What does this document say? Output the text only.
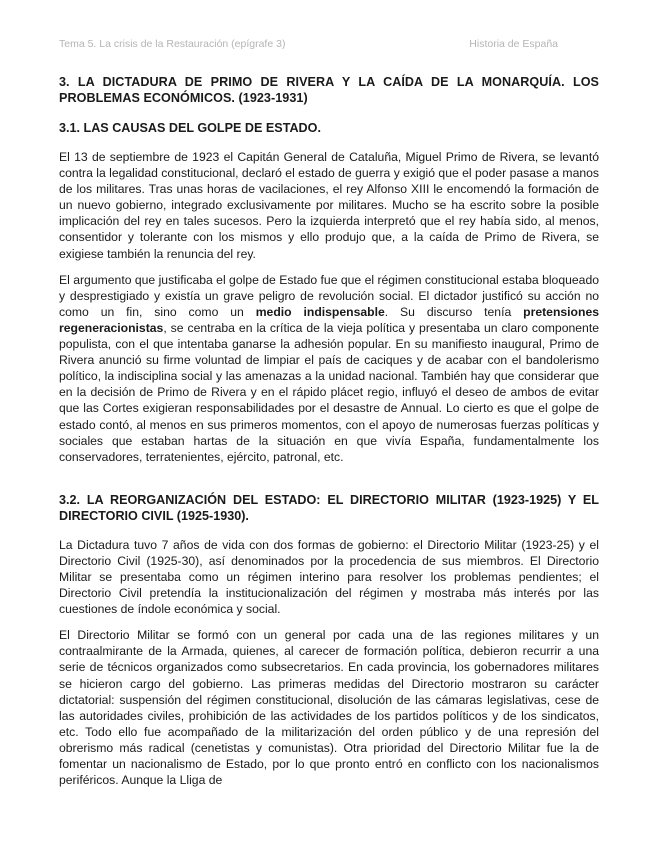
Tema 5. La crisis de la Restauración (epígrafe 3)	Historia de España
3. LA DICTADURA DE PRIMO DE RIVERA Y LA CAÍDA DE LA MONARQUÍA. LOS PROBLEMAS ECONÓMICOS. (1923-1931)
3.1. LAS CAUSAS DEL GOLPE DE ESTADO.

El 13 de septiembre de 1923 el Capitán General de Cataluña, Miguel Primo de Rivera, se levantó contra la legalidad constitucional, declaró el estado de guerra y exigió que el poder pasase a manos de los militares. Tras unas horas de vacilaciones, el rey Alfonso XIII le encomendó la formación de un nuevo gobierno, integrado exclusivamente por militares. Mucho se ha escrito sobre la posible implicación del rey en tales sucesos. Pero la izquierda interpretó que el rey había sido, al menos, consentidor y tolerante con los mismos y ello produjo que, a la caída de Primo de Rivera, se exigiese también la renuncia del rey.

El argumento que justificaba el golpe de Estado fue que el régimen constitucional estaba bloqueado y desprestigiado y existía un grave peligro de revolución social. El dictador justificó su acción no como un fin, sino como un medio indispensable. Su discurso tenía pretensiones regeneracionistas, se centraba en la crítica de la vieja política y presentaba un claro componente populista, con el que intentaba ganarse la adhesión popular. En su manifiesto inaugural, Primo de Rivera anunció su firme voluntad de limpiar el país de caciques y de acabar con el bandolerismo político, la indisciplina social y las amenazas a la unidad nacional. También hay que considerar que en la decisión de Primo de Rivera y en el rápido plácet regio, influyó el deseo de ambos de evitar que las Cortes exigieran responsabilidades por el desastre de Annual. Lo cierto es que el golpe de estado contó, al menos en sus primeros momentos, con el apoyo de numerosas fuerzas políticas y sociales que estaban hartas de la situación en que vivía España, fundamentalmente los conservadores, terratenientes, ejército, patronal, etc.

3.2. LA REORGANIZACIÓN DEL ESTADO: EL DIRECTORIO MILITAR (1923-1925) Y EL DIRECTORIO CIVIL (1925-1930).

La Dictadura tuvo 7 años de vida con dos formas de gobierno: el Directorio Militar (1923-25) y el Directorio Civil (1925-30), así denominados por la procedencia de sus miembros. El Directorio Militar se presentaba como un régimen interino para resolver los problemas pendientes; el Directorio Civil pretendía la institucionalización del régimen y mostraba más interés por las cuestiones de índole económica y social.

El Directorio Militar se formó con un general por cada una de las regiones militares y un contraalmirante de la Armada, quienes, al carecer de formación política, debieron recurrir a una serie de técnicos organizados como subsecretarios. En cada provincia, los gobernadores militares se hicieron cargo del gobierno. Las primeras medidas del Directorio mostraron su carácter dictatorial: suspensión del régimen constitucional, disolución de las cámaras legislativas, cese de las autoridades civiles, prohibición de las actividades de los partidos políticos y de los sindicatos, etc. Todo ello fue acompañado de la militarización del orden público y de una represión del obrerismo más radical (cenetistas y comunistas). Otra prioridad del Directorio Militar fue la de fomentar un nacionalismo de Estado, por lo que pronto entró en conflicto con los nacionalismos periféricos. Aunque la Lliga de
